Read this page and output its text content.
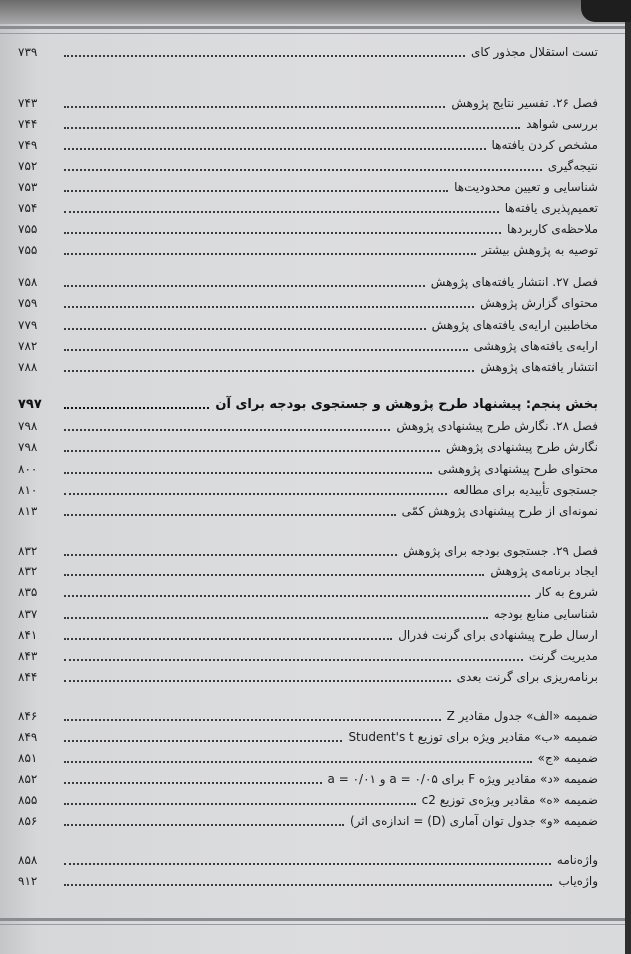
۷۳۹	تست استقلال مجذور کای
۷۴۳	فصل ۲۶. تفسیر نتایج پژوهش
۷۴۴	بررسی شواهد
۷۴۹	مشخص کردن یافته‌ها
۷۵۲	نتیجه‌گیری
۷۵۳	شناسایی و تعیین محدودیت‌ها
۷۵۴	تعمیم‌پذیری یافته‌ها
۷۵۵	ملاحظه‌ی کاربردها
۷۵۵	توصیه به پژوهش بیشتر
۷۵۸	فصل ۲۷. انتشار یافته‌های پژوهش
۷۵۹	محتوای گزارش پژوهش
۷۷۹	مخاطبین ارایه‌ی یافته‌های پژوهش
۷۸۲	ارایه‌ی یافته‌های پژوهشی
۷۸۸	انتشار یافته‌های پژوهش
۷۹۷	بخش پنجم: پیشنهاد طرح پژوهش و جستجوی بودجه برای آن
۷۹۸	فصل ۲۸. نگارش طرح پیشنهادی پژوهش
۷۹۸	نگارش طرح پیشنهادی پژوهش
۸۰۰	محتوای طرح پیشنهادی پژوهشی
۸۱۰	جستجوی تأییدیه برای مطالعه
۸۱۳	نمونه‌ای از طرح پیشنهادی پژوهش کمّی
۸۳۲	فصل ۲۹. جستجوی بودجه برای پژوهش
۸۳۲	ایجاد برنامه‌ی پژوهش
۸۳۵	شروع به کار
۸۳۷	شناسایی منابع بودجه
۸۴۱	ارسال طرح پیشنهادی برای گرنت فدرال
۸۴۳	مدیریت گرنت
۸۴۴	برنامه‌ریزی برای گرنت بعدی
۸۴۶	ضمیمه «الف» جدول مقادیر Z
۸۴۹	ضمیمه «ب» مقادیر ویژه برای توزیع Student's t
۸۵۱	ضمیمه «ج»
۸۵۲	ضمیمه «د» مقادیر ویژه F برای ۰/۰۵ = a و ۰/۰۱ = a
۸۵۵	ضمیمه «ه» مقادیر ویژه‌ی توزیع c2
۸۵۶	ضمیمه «و» جدول توان آماری (D) = اندازه‌ی اثر)
۸۵۸	واژه‌نامه
۹۱۲	واژه‌یاب
